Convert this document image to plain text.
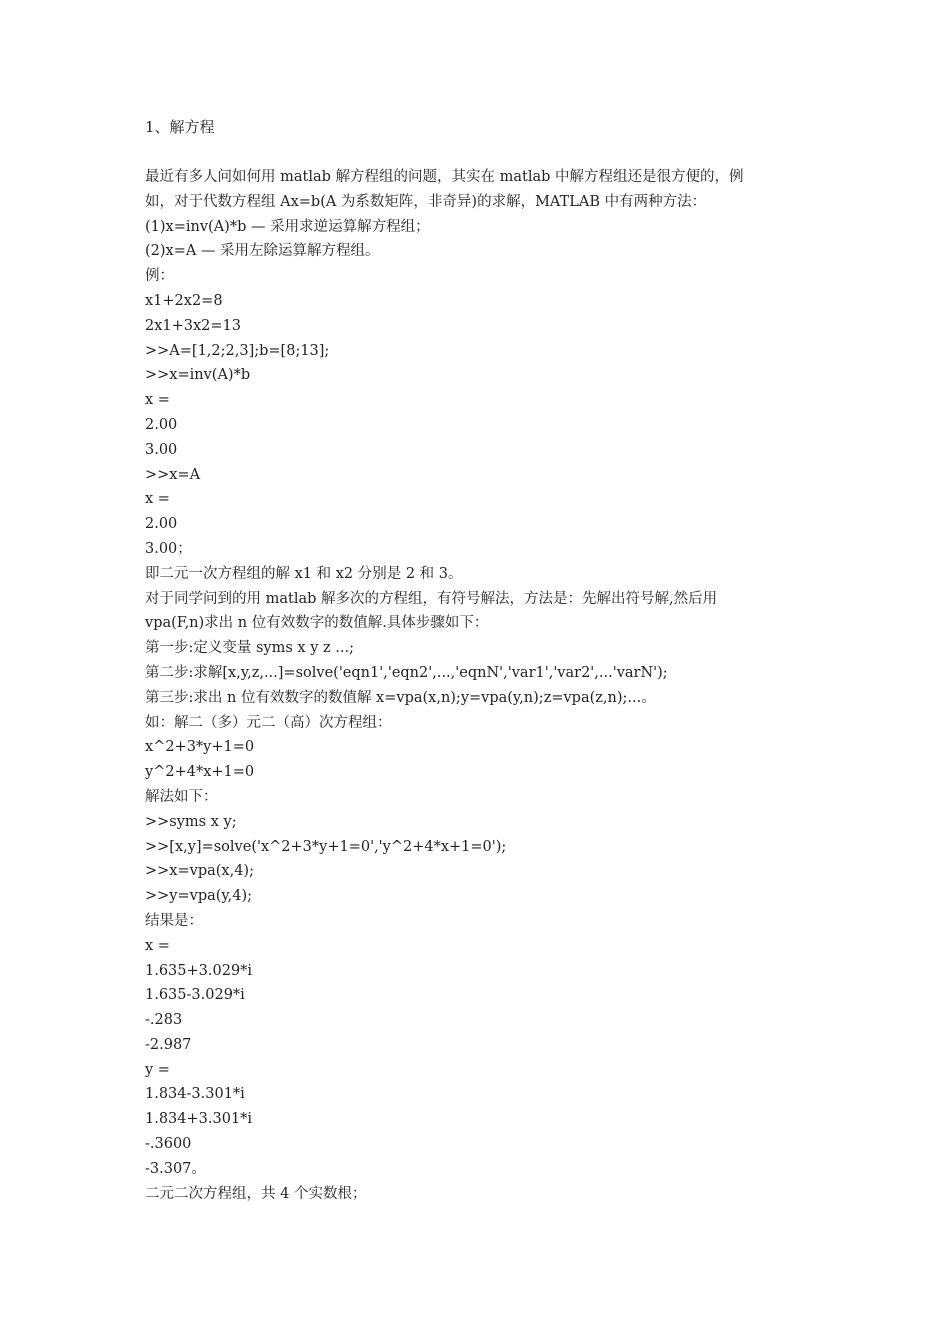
1、解方程
最近有多人问如何用 matlab 解方程组的问题，其实在 matlab 中解方程组还是很方便的，例
如，对于代数方程组 Ax=b(A 为系数矩阵，非奇异)的求解，MATLAB 中有两种方法：
(1)x=inv(A)*b — 采用求逆运算解方程组；
(2)x=A — 采用左除运算解方程组。
例：
x1+2x2=8
2x1+3x2=13
>>A=[1,2;2,3];b=[8;13];
>>x=inv(A)*b
x =
2.00
3.00
>>x=A
x =
2.00
3.00；
即二元一次方程组的解 x1 和 x2 分别是 2 和 3。
对于同学问到的用 matlab 解多次的方程组，有符号解法，方法是：先解出符号解,然后用
vpa(F,n)求出 n 位有效数字的数值解.具体步骤如下：
第一步:定义变量 syms x y z ...;
第二步:求解[x,y,z,...]=solve('eqn1','eqn2',...,'eqnN','var1','var2',...'varN');
第三步:求出 n 位有效数字的数值解 x=vpa(x,n);y=vpa(y,n);z=vpa(z,n);...。
如：解二（多）元二（高）次方程组：
x^2+3*y+1=0
y^2+4*x+1=0
解法如下：
>>syms x y;
>>[x,y]=solve('x^2+3*y+1=0','y^2+4*x+1=0');
>>x=vpa(x,4);
>>y=vpa(y,4);
结果是：
x =
1.635+3.029*i
1.635-3.029*i
-.283
-2.987
y =
1.834-3.301*i
1.834+3.301*i
-.3600
-3.307。
二元二次方程组，共 4 个实数根；
